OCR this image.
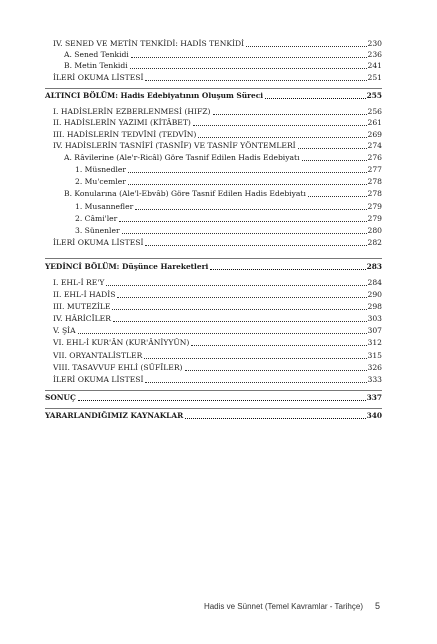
IV. SENED VE METİN TENKİDİ: HADİS TENKİDİ	230
A. Sened Tenkidi	236
B. Metin Tenkidi	241
İLERİ OKUMA LİSTESİ	251
ALTINCI BÖLÜM: Hadis Edebiyatının Oluşum Süreci	255
I. HADİSLERİN EZBERLENMESİ (HIFZ)	256
II. HADİSLERİN YAZIMI (KİTÂBET)	261
III. HADİSLERİN TEDVÎNİ (TEDVÎN)	269
IV. HADİSLERİN TASNİFİ (TASNÎF) VE TASNİF YÖNTEMLERİ	274
A. Râvilerine (Ale'r-Ricâl) Göre Tasnif Edilen Hadis Edebiyatı	276
1. Müsnedler	277
2. Mu'cemler	278
B. Konularına (Ale'l-Ebvâb) Göre Tasnif Edilen Hadis Edebiyatı	278
1. Musannefler	279
2. Câmi'ler	279
3. Sünenler	280
İLERİ OKUMA LİSTESİ	282
YEDİNCİ BÖLÜM: Düşünce Hareketleri	283
I. EHL-İ RE'Y	284
II. EHL-İ HADİS	290
III. MUTEZİLE	298
IV. HÂRİCÎLER	303
V. ŞİA	307
VI. EHL-İ KUR'ÂN (KUR'ÂNİYYÛN)	312
VII. ORYANTALİSTLER	315
VIII. TASAVVUF EHLİ (SÛFÎLER)	326
İLERİ OKUMA LİSTESİ	333
SONUÇ	337
YARARLANDIĞIMIZ KAYNAKLAR	340
Hadis ve Sünnet (Temel Kavramlar - Tarihçe) 5
